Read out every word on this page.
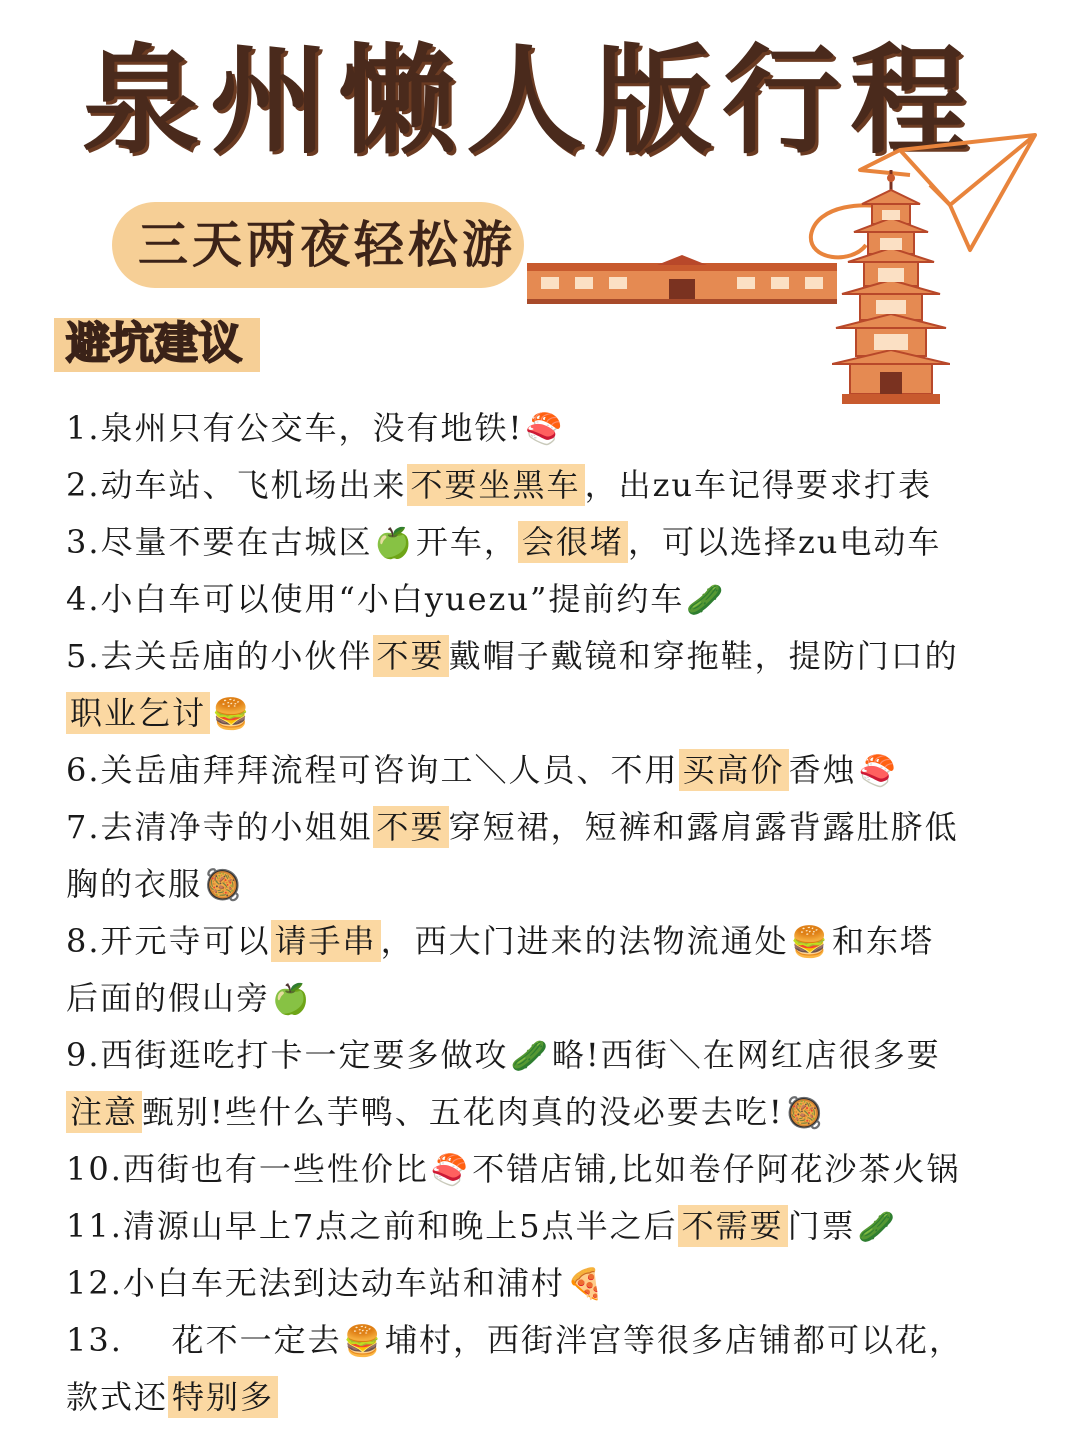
泉州懒人版行程
三天两夜轻松游
避坑建议
1.泉州只有公交车，没有地铁!🍣
2.动车站、飞机场出来 不要坐黑车 ，出zu车记得要求打表
3.尽量不要在古城区🍏开车， 会很堵 ，可以选择zu电动车
4.小白车可以使用“小白yuezu”提前约车🥒
5.去关岳庙的小伙伴 不要 戴帽子戴镜和穿拖鞋，提防门口的
职业乞讨 🍔
6.关岳庙拜拜流程可咨询工＼人员、不用 买高价 香烛🍣
7.去清净寺的小姐姐 不要 穿短裙，短裤和露肩露背露肚脐低
胸的衣服🥘
8.开元寺可以 请手串 ，西大门进来的法物流通处🍔和东塔
后面的假山旁🍏
9.西街逛吃打卡一定要多做攻🥒略!西街＼在网红店很多要
注意 甄别!些什么芋鸭、五花肉真的没必要去吃!🥘
10.西街也有一些性价比🍣不错店铺,比如卷仔阿花沙茶火锅
11.清源山早上7点之前和晚上5点半之后 不需要 门票🥒
12.小白车无法到达动车站和浦村🍕
13.    花不一定去🍔埔村，西街泮宫等很多店铺都可以花，
款式还 特别多
